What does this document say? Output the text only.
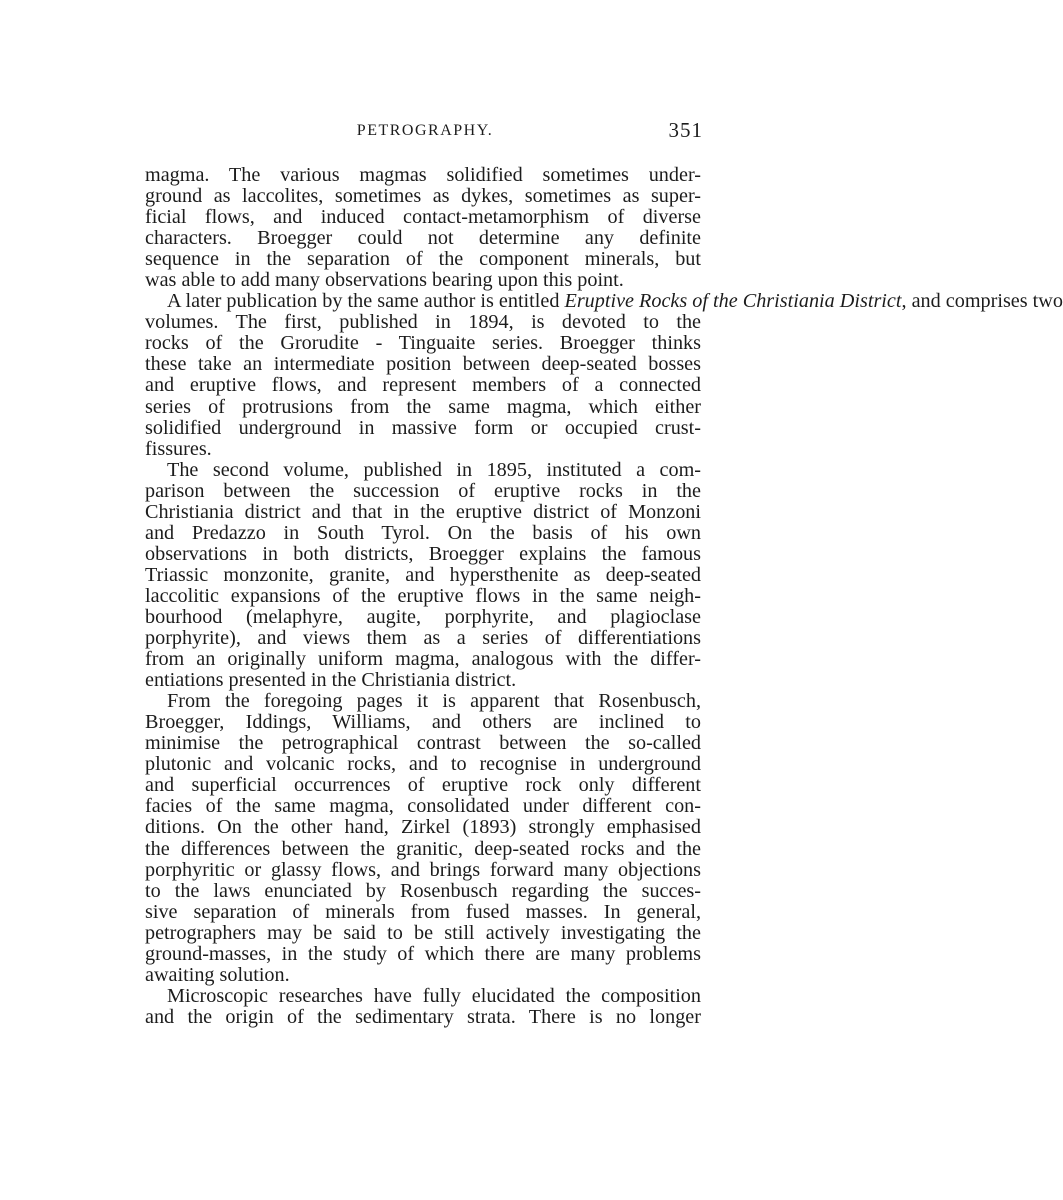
PETROGRAPHY.	351
magma. The various magmas solidified sometimes under-
ground as laccolites, sometimes as dykes, sometimes as super-
ficial flows, and induced contact-metamorphism of diverse
characters. Broegger could not determine any definite
sequence in the separation of the component minerals, but
was able to add many observations bearing upon this point.
A later publication by the same author is entitled Eruptive Rocks of the Christiania District, and comprises two
volumes. The first, published in 1894, is devoted to the
rocks of the Grorudite - Tinguaite series. Broegger thinks
these take an intermediate position between deep-seated bosses
and eruptive flows, and represent members of a connected
series of protrusions from the same magma, which either
solidified underground in massive form or occupied crust-
fissures.
The second volume, published in 1895, instituted a com-
parison between the succession of eruptive rocks in the
Christiania district and that in the eruptive district of Monzoni
and Predazzo in South Tyrol. On the basis of his own
observations in both districts, Broegger explains the famous
Triassic monzonite, granite, and hypersthenite as deep-seated
laccolitic expansions of the eruptive flows in the same neigh-
bourhood (melaphyre, augite, porphyrite, and plagioclase
porphyrite), and views them as a series of differentiations
from an originally uniform magma, analogous with the differ-
entiations presented in the Christiania district.
From the foregoing pages it is apparent that Rosenbusch,
Broegger, Iddings, Williams, and others are inclined to
minimise the petrographical contrast between the so-called
plutonic and volcanic rocks, and to recognise in underground
and superficial occurrences of eruptive rock only different
facies of the same magma, consolidated under different con-
ditions. On the other hand, Zirkel (1893) strongly emphasised
the differences between the granitic, deep-seated rocks and the
porphyritic or glassy flows, and brings forward many objections
to the laws enunciated by Rosenbusch regarding the succes-
sive separation of minerals from fused masses. In general,
petrographers may be said to be still actively investigating the
ground-masses, in the study of which there are many problems
awaiting solution.
Microscopic researches have fully elucidated the composition
and the origin of the sedimentary strata. There is no longer
